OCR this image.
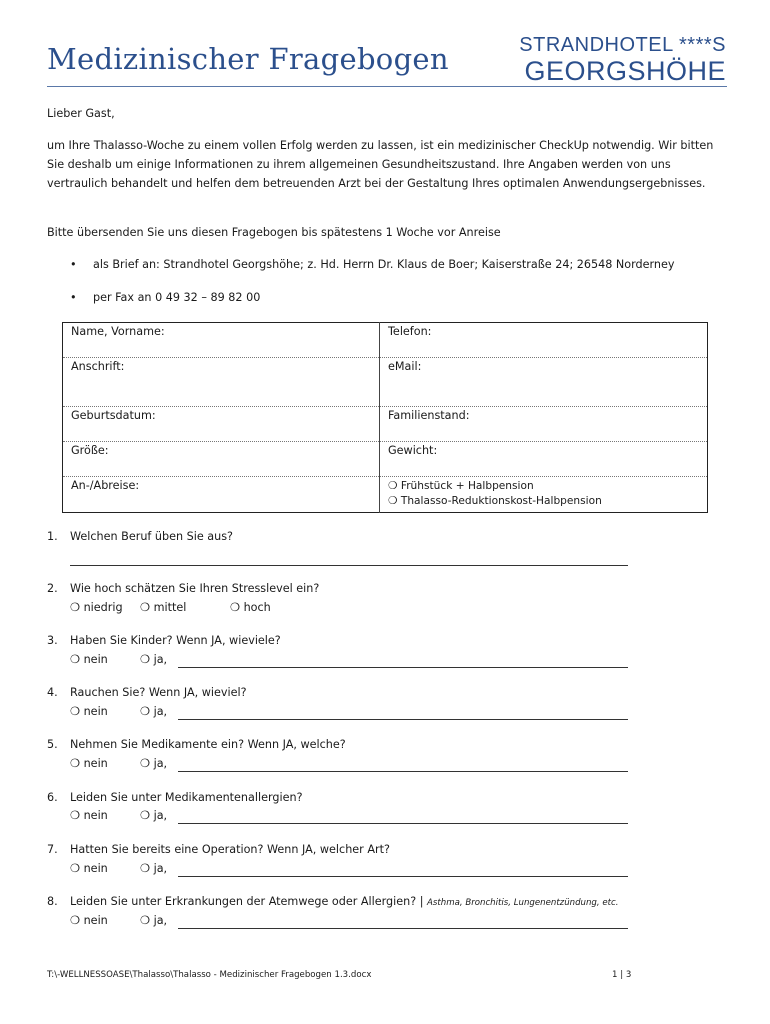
Medizinischer Fragebogen	STRANDHOTEL ****S
GEORGSHÖHE
Lieber Gast,
um Ihre Thalasso-Woche zu einem vollen Erfolg werden zu lassen, ist ein medizinischer CheckUp notwendig. Wir bitten Sie deshalb um einige Informationen zu ihrem allgemeinen Gesundheitszustand. Ihre Angaben werden von uns vertraulich behandelt und helfen dem betreuenden Arzt bei der Gestaltung Ihres optimalen Anwendungsergebnisses.
Bitte übersenden Sie uns diesen Fragebogen bis spätestens 1 Woche vor Anreise
• als Brief an: Strandhotel Georgshöhe; z. Hd. Herrn Dr. Klaus de Boer; Kaiserstraße 24; 26548 Norderney
• per Fax an 0 49 32 – 89 82 00
Name, Vorname:	Telefon:
Anschrift:	eMail:
Geburtsdatum:	Familienstand:
Größe:	Gewicht:
An-/Abreise:	❍ Frühstück + Halbpension
❍ Thalasso-Reduktionskost-Halbpension
1. Welchen Beruf üben Sie aus?
2. Wie hoch schätzen Sie Ihren Stresslevel ein?
❍ niedrig ❍ mittel	❍ hoch
3. Haben Sie Kinder? Wenn JA, wieviele?
❍ nein	❍ ja,
4. Rauchen Sie? Wenn JA, wieviel?
❍ nein	❍ ja,
5. Nehmen Sie Medikamente ein? Wenn JA, welche?
❍ nein	❍ ja,
6. Leiden Sie unter Medikamentenallergien?
❍ nein	❍ ja,
7. Hatten Sie bereits eine Operation? Wenn JA, welcher Art?
❍ nein	❍ ja,
8. Leiden Sie unter Erkrankungen der Atemwege oder Allergien? | Asthma, Bronchitis, Lungenentzündung, etc.
❍ nein	❍ ja,
T:\-WELLNESSOASE\Thalasso\Thalasso - Medizinischer Fragebogen 1.3.docx	1 | 3
